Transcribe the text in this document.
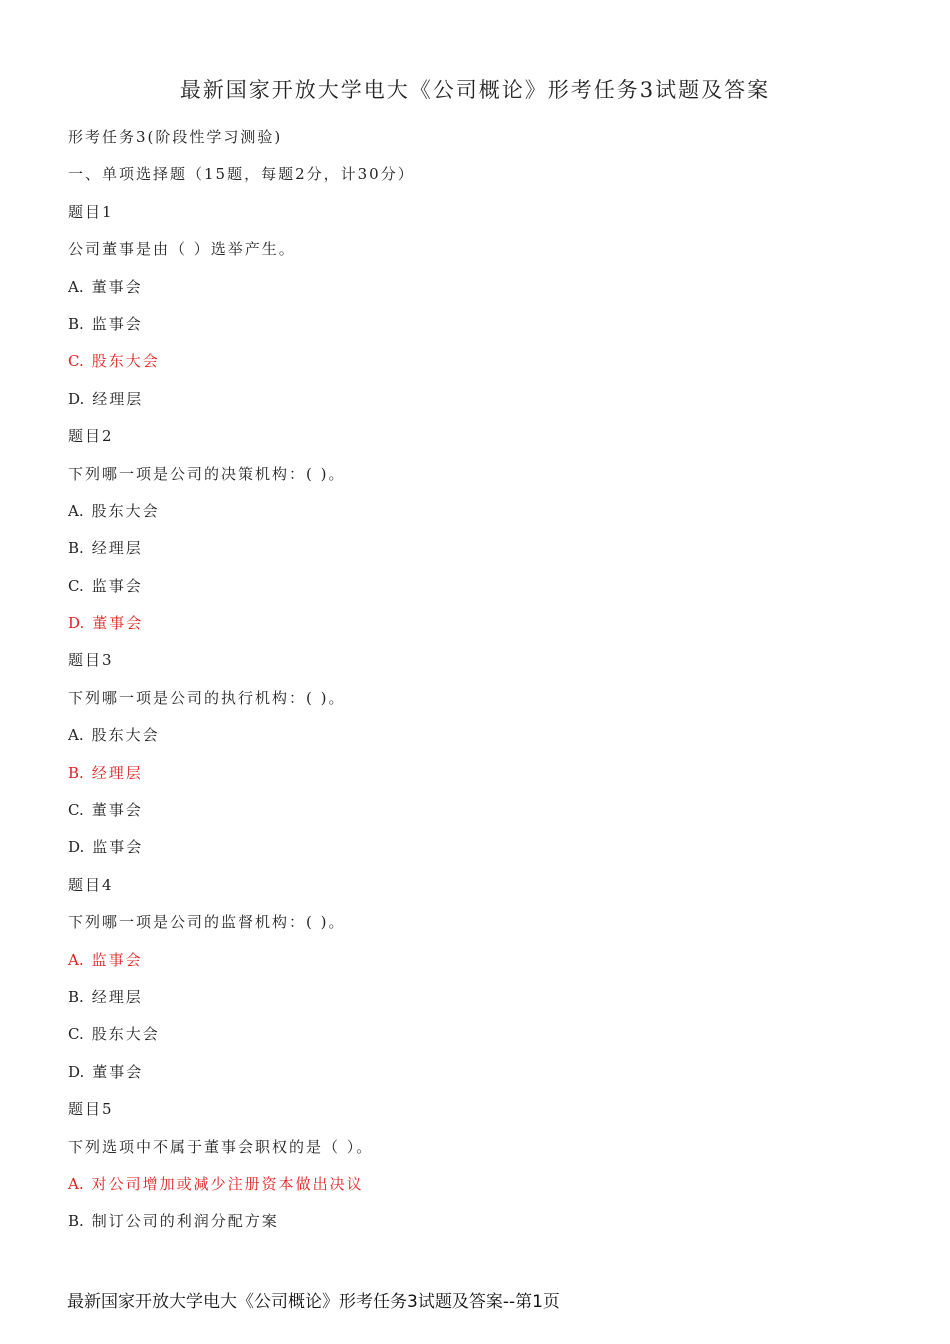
最新国家开放大学电大《公司概论》形考任务3试题及答案
形考任务3(阶段性学习测验)
一、单项选择题（15题，每题2分，计30分）
题目1
公司董事是由（ ）选举产生。
A. 董事会
B. 监事会
C. 股东大会
D. 经理层
题目2
下列哪一项是公司的决策机构：( )。
A. 股东大会
B. 经理层
C. 监事会
D. 董事会
题目3
下列哪一项是公司的执行机构：( )。
A. 股东大会
B. 经理层
C. 董事会
D. 监事会
题目4
下列哪一项是公司的监督机构：( )。
A. 监事会
B. 经理层
C. 股东大会
D. 董事会
题目5
下列选项中不属于董事会职权的是（ ）。
A. 对公司增加或减少注册资本做出决议
B. 制订公司的利润分配方案
最新国家开放大学电大《公司概论》形考任务3试题及答案--第1页
